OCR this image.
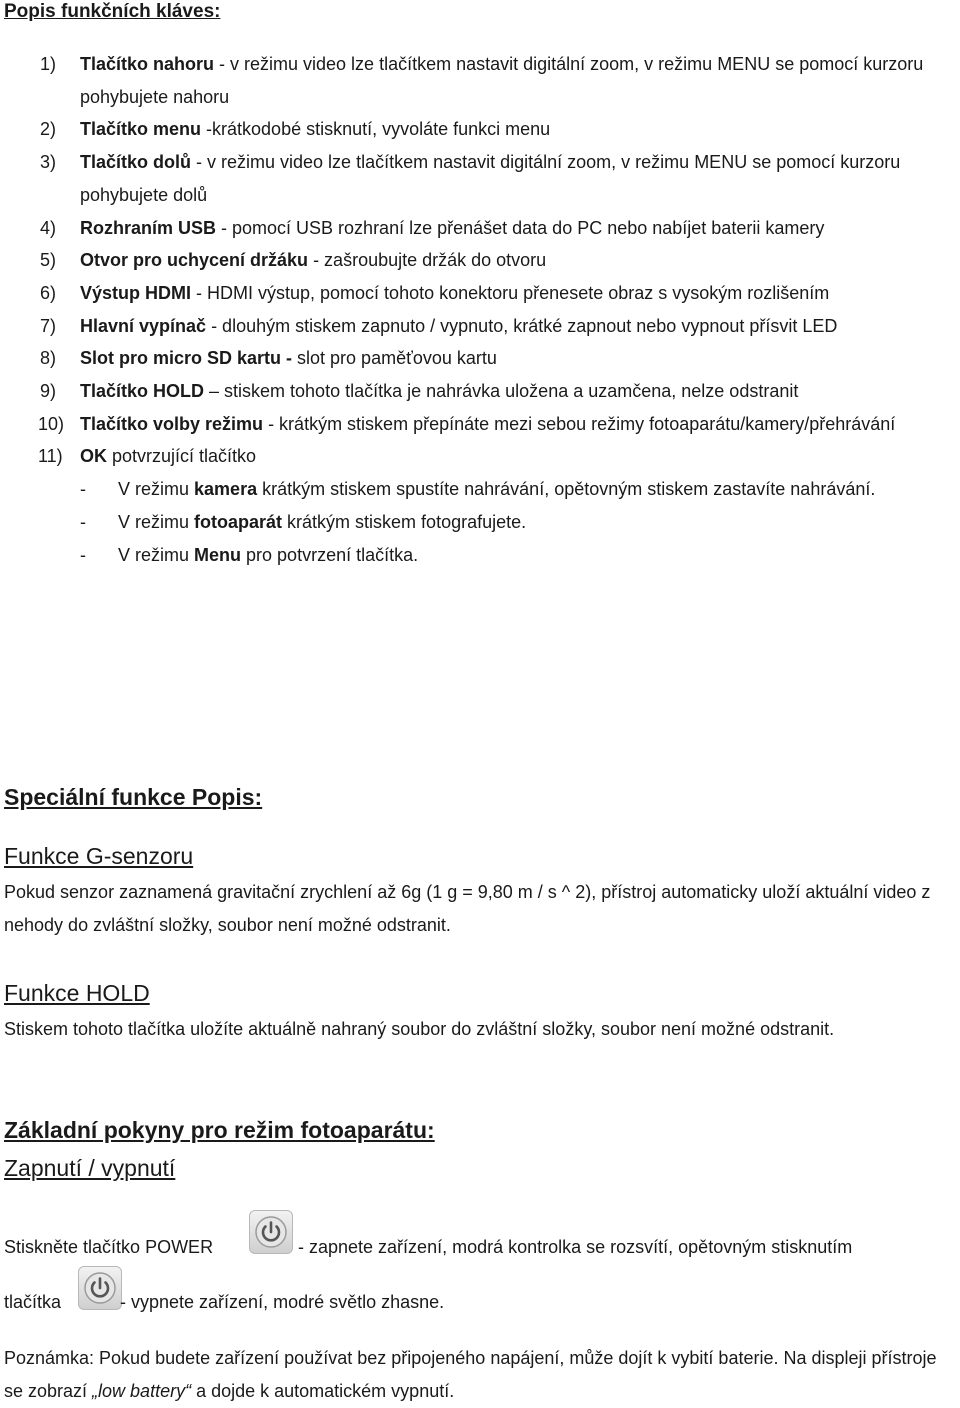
Popis funkčních kláves:
1) Tlačítko nahoru - v režimu video lze tlačítkem nastavit digitální zoom, v režimu MENU se pomocí kurzoru pohybujete nahoru
2) Tlačítko menu -krátkodobé stisknutí, vyvoláte funkci menu
3) Tlačítko dolů - v režimu video lze tlačítkem nastavit digitální zoom, v režimu MENU se pomocí kurzoru pohybujete dolů
4) Rozhraním USB - pomocí USB rozhraní lze přenášet data do PC nebo nabíjet baterii kamery
5) Otvor pro uchycení držáku - zašroubujte držák do otvoru
6) Výstup HDMI - HDMI výstup, pomocí tohoto konektoru přenesete obraz s vysokým rozlišením
7) Hlavní vypínač - dlouhým stiskem zapnuto / vypnuto, krátké zapnout nebo vypnout přísvit LED
8) Slot pro micro SD kartu - slot pro paměťovou kartu
9) Tlačítko HOLD – stiskem tohoto tlačítka je nahrávka uložena a uzamčena, nelze odstranit
10) Tlačítko volby režimu - krátkým stiskem přepínáte mezi sebou režimy fotoaparátu/kamery/přehrávání
11) OK potvrzující tlačítko
- V režimu kamera krátkým stiskem spustíte nahrávání, opětovným stiskem zastavíte nahrávání.
- V režimu fotoaparát krátkým stiskem fotografujete.
- V režimu Menu pro potvrzení tlačítka.
Speciální funkce Popis:
Funkce G-senzoru
Pokud senzor zaznamená gravitační zrychlení až 6g (1 g = 9,80 m / s ^ 2), přístroj automaticky uloží aktuální video z nehody do zvláštní složky, soubor není možné odstranit.
Funkce HOLD
Stiskem tohoto tlačítka uložíte aktuálně nahraný soubor do zvláštní složky, soubor není možné odstranit.
Základní pokyny pro režim fotoaparátu:
Zapnutí / vypnutí
Stiskněte tlačítko POWER	- zapnete zařízení, modrá kontrolka se rozsvítí, opětovným stisknutím
tlačítka	- vypnete zařízení, modré světlo zhasne.
Poznámka: Pokud budete zařízení používat bez připojeného napájení, může dojít k vybití baterie. Na displeji přístroje se zobrazí „low battery“ a dojde k automatickém vypnutí.
